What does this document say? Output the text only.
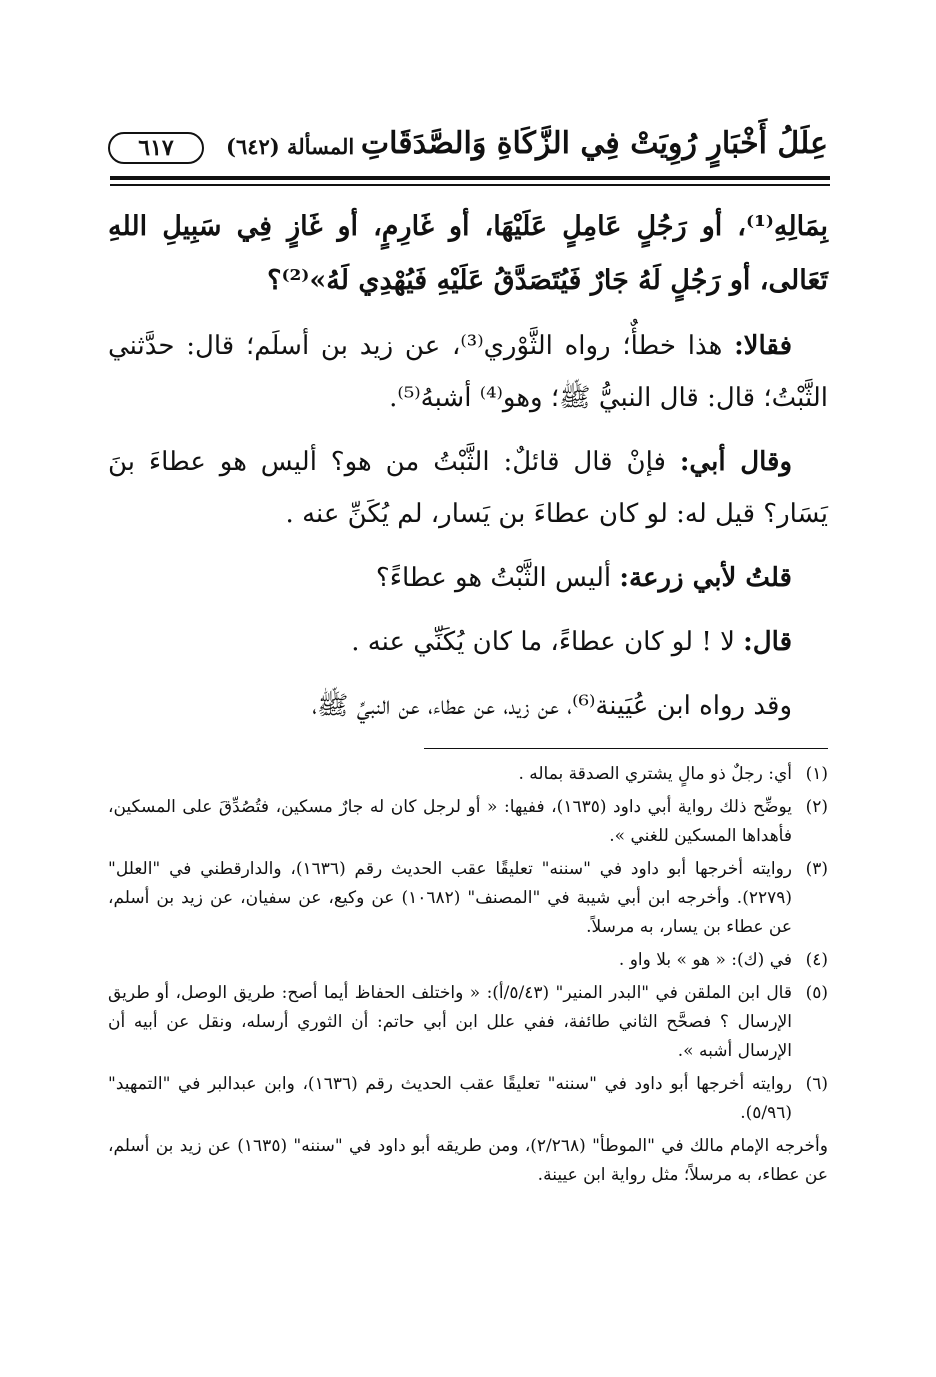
عِلَلُ أَخْبَارٍ رُوِيَتْ فِي الزَّكَاةِ وَالصَّدَقَاتِ
المسألة (٦٤٢)
٦١٧

بِمَالِهِ⁽¹⁾، أو رَجُلٍ عَامِلٍ عَلَيْهَا، أو غَارِمٍ، أو غَازٍ فِي سَبِيلِ اللهِ تَعَالى، أو رَجُلٍ لَهُ جَارٌ فَيُتَصَدَّقُ عَلَيْهِ فَيُهْدِي لَهُ»⁽²⁾؟

فقالا: هذا خطأٌ؛ رواه الثَّوْري⁽³⁾، عن زيد بن أسلَم؛ قال: حدَّثني الثَّبْتُ؛ قال: قال النبيُّ ﷺ؛ وهو⁽⁴⁾ أشبهُ⁽⁵⁾.

وقال أبي: فإنْ قال قائلٌ: الثَّبْتُ من هو؟ أليس هو عطاءَ بنَ يَسَار؟ قيل له: لو كان عطاءَ بن يَسار، لم يُكَنِّ عنه .

قلتُ لأبي زرعة: أليس الثَّبْتُ هو عطاءً؟

قال: لا ! لو كان عطاءً، ما كان يُكَنِّي عنه .

وقد رواه ابن عُيَينة⁽⁶⁾، عن زيد، عن عطاء، عن النبيِّ ﷺ،

(١)
أي: رجلٌ ذو مالٍ يشتري الصدقة بماله .
(٢)
يوضِّح ذلك رواية أبي داود (١٦٣٥)، ففيها: « أو لرجل كان له جارٌ مسكين، فتُصُدِّقَ على المسكين، فأهداها المسكين للغني ».
(٣)
روايته أخرجها أبو داود في "سننه" تعليقًا عقب الحديث رقم (١٦٣٦)، والدارقطني في "العلل" (٢٢٧٩). وأخرجه ابن أبي شيبة في "المصنف" (١٠٦٨٢) عن وكيع، عن سفيان، عن زيد بن أسلم، عن عطاء بن يسار، به مرسلاً.
(٤)
في (ك): « هو » بلا واو .
(٥)
قال ابن الملقن في "البدر المنير" (٥/٤٣/أ): « واختلف الحفاظ أيما أصح: طريق الوصل، أو طريق الإرسال ؟ فصحَّح الثاني طائفة، ففي علل ابن أبي حاتم: أن الثوري أرسله، ونقل عن أبيه أن الإرسال أشبه ».
(٦)
روايته أخرجها أبو داود في "سننه" تعليقًا عقب الحديث رقم (١٦٣٦)، وابن عبدالبر في "التمهيد" (٥/٩٦).

وأخرجه الإمام مالك في "الموطأ" (٢/٢٦٨)، ومن طريقه أبو داود في "سننه" (١٦٣٥) عن زيد بن أسلم، عن عطاء، به مرسلاً؛ مثل رواية ابن عيينة.
